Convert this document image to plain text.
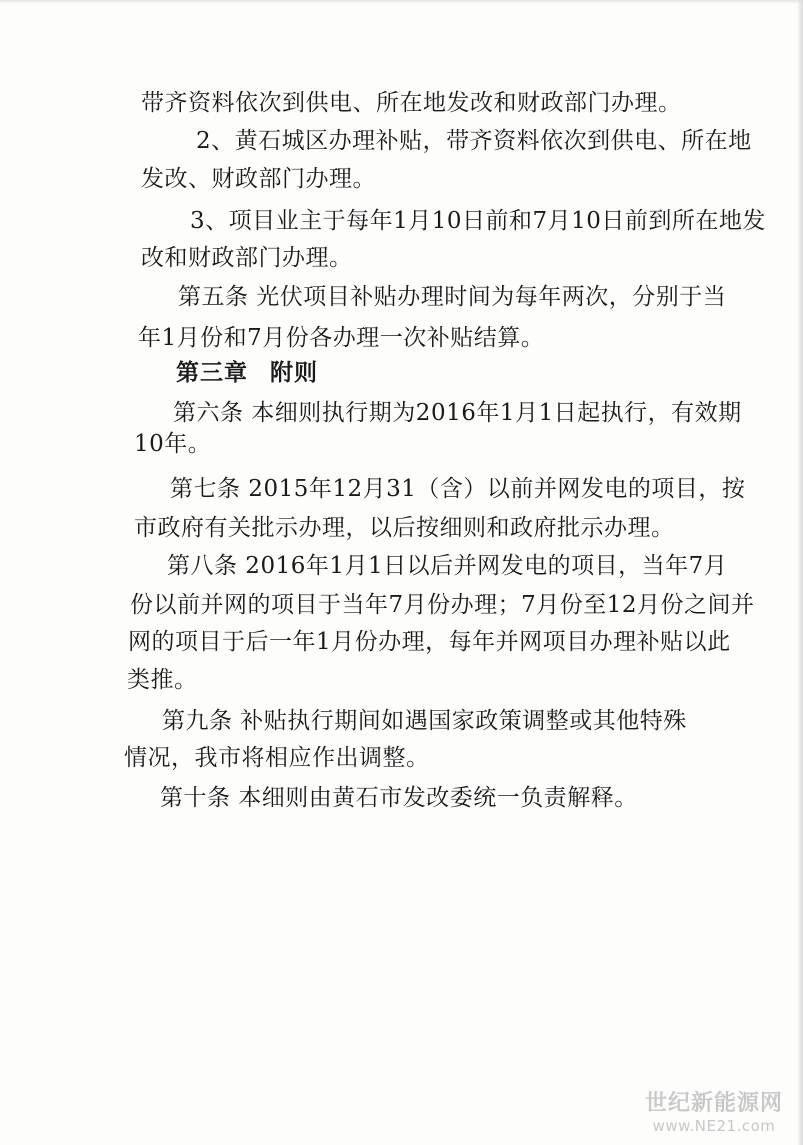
带齐资料依次到供电、所在地发改和财政部门办理。
2、黄石城区办理补贴，带齐资料依次到供电、所在地
发改、财政部门办理。
3、项目业主于每年1月10日前和7月10日前到所在地发
改和财政部门办理。
第五条 光伏项目补贴办理时间为每年两次，分别于当
年1月份和7月份各办理一次补贴结算。
第三章 附则
第六条 本细则执行期为2016年1月1日起执行，有效期
10年。
第七条 2015年12月31（含）以前并网发电的项目，按
市政府有关批示办理，以后按细则和政府批示办理。
第八条 2016年1月1日以后并网发电的项目，当年7月
份以前并网的项目于当年7月份办理；7月份至12月份之间并
网的项目于后一年1月份办理，每年并网项目办理补贴以此
类推。
第九条 补贴执行期间如遇国家政策调整或其他特殊
情况，我市将相应作出调整。
第十条 本细则由黄石市发改委统一负责解释。
世纪新能源网
www.NE21.com
